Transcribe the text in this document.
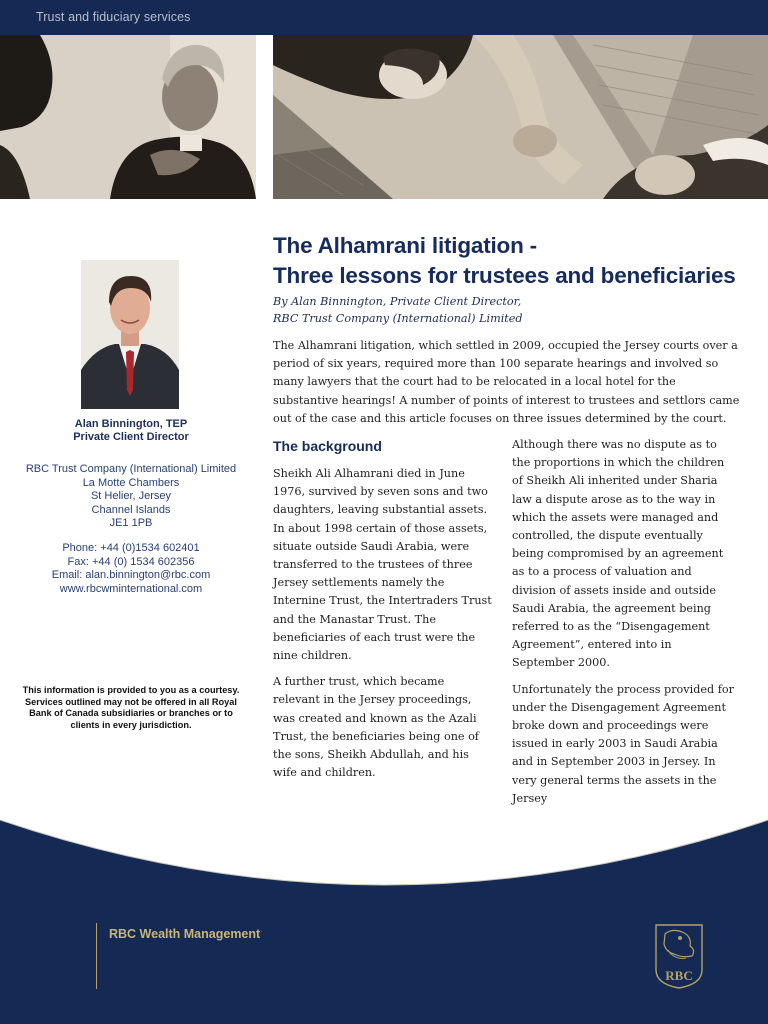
Trust and fiduciary services
Alan Binnington, TEP
Private Client Director
RBC Trust Company (International) Limited
La Motte Chambers
St Helier, Jersey
Channel Islands
JE1 1PB
Phone: +44 (0)1534 602401
Fax: +44 (0) 1534 602356
Email: alan.binnington@rbc.com
www.rbcwminternational.com
This information is provided to you as a courtesy. Services outlined may not be offered in all Royal Bank of Canada subsidiaries or branches or to clients in every jurisdiction.
The Alhamrani litigation -
Three lessons for trustees and beneficiaries
By Alan Binnington, Private Client Director,
RBC Trust Company (International) Limited
The Alhamrani litigation, which settled in 2009, occupied the Jersey courts over a period of six years, required more than 100 separate hearings and involved so many lawyers that the court had to be relocated in a local hotel for the substantive hearings! A number of points of interest to trustees and settlors came out of the case and this article focuses on three issues determined by the court.
The background

Sheikh Ali Alhamrani died in June 1976, survived by seven sons and two daughters, leaving substantial assets. In about 1998 certain of those assets, situate outside Saudi Arabia, were transferred to the trustees of three Jersey settlements namely the Internine Trust, the Intertraders Trust and the Manastar Trust. The beneficiaries of each trust were the nine children.

A further trust, which became relevant in the Jersey proceedings, was created and known as the Azali Trust, the beneficiaries being one of the sons, Sheikh Abdullah, and his wife and children.

Although there was no dispute as to the proportions in which the children of Sheikh Ali inherited under Sharia law a dispute arose as to the way in which the assets were managed and controlled, the dispute eventually being compromised by an agreement as to a process of valuation and division of assets inside and outside Saudi Arabia, the agreement being referred to as the “Disengagement Agreement”, entered into in September 2000.

Unfortunately the process provided for under the Disengagement Agreement broke down and proceedings were issued in early 2003 in Saudi Arabia and in September 2003 in Jersey. In very general terms the assets in the Jersey

RBC Wealth Management·
RBC
